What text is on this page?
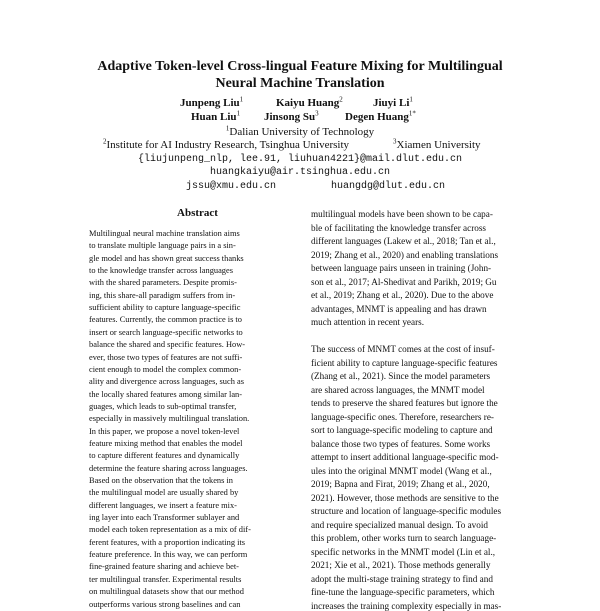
Adaptive Token-level Cross-lingual Feature Mixing for Multilingual
Neural Machine Translation
Junpeng Liu$^1$	Kaiyu Huang$^2$	Jiuyi Li$^1$
Huan Liu$^1$ Jinsong Su$^3$ Degen Huang$^{1*}$
$^1$Dalian University of Technology
$^2$Institute for AI Industry Research, Tsinghua University	$^3$Xiamen University
{liujunpeng_nlp, lee.91, liuhuan4221}@mail.dlut.edu.cn
huangkaiyu@air.tsinghua.edu.cn
jssu@xmu.edu.cn	huangdg@dlut.edu.cn
Abstract
Multilingual neural machine translation aims
to translate multiple language pairs in a sin-
gle model and has shown great success thanks
to the knowledge transfer across languages
with the shared parameters. Despite promis-
ing, this share-all paradigm suffers from in-
sufficient ability to capture language-specific
features. Currently, the common practice is to
insert or search language-specific networks to
balance the shared and specific features. How-
ever, those two types of features are not suffi-
cient enough to model the complex common-
ality and divergence across languages, such as
the locally shared features among similar lan-
guages, which leads to sub-optimal transfer,
especially in massively multilingual translation.
In this paper, we propose a novel token-level
feature mixing method that enables the model
to capture different features and dynamically
determine the feature sharing across languages.
Based on the observation that the tokens in
the multilingual model are usually shared by
different languages, we insert a feature mix-
ing layer into each Transformer sublayer and
model each token representation as a mix of dif-
ferent features, with a proportion indicating its
feature preference. In this way, we can perform
fine-grained feature sharing and achieve bet-
ter multilingual transfer. Experimental results
on multilingual datasets show that our method
outperforms various strong baselines and can
multilingual models have been shown to be capa-
ble of facilitating the knowledge transfer across
different languages (Lakew et al., 2018; Tan et al.,
2019; Zhang et al., 2020) and enabling translations
between language pairs unseen in training (John-
son et al., 2017; Al-Shedivat and Parikh, 2019; Gu
et al., 2019; Zhang et al., 2020). Due to the above
advantages, MNMT is appealing and has drawn
much attention in recent years.
The success of MNMT comes at the cost of insuf-
ficient ability to capture language-specific features
(Zhang et al., 2021). Since the model parameters
are shared across languages, the MNMT model
tends to preserve the shared features but ignore the
language-specific ones. Therefore, researchers re-
sort to language-specific modeling to capture and
balance those two types of features. Some works
attempt to insert additional language-specific mod-
ules into the original MNMT model (Wang et al.,
2019; Bapna and Firat, 2019; Zhang et al., 2020,
2021). However, those methods are sensitive to the
structure and location of language-specific modules
and require specialized manual design. To avoid
this problem, other works turn to search language-
specific networks in the MNMT model (Lin et al.,
2021; Xie et al., 2021). Those methods generally
adopt the multi-stage training strategy to find and
fine-tune the language-specific parameters, which
increases the training complexity especially in mas-
